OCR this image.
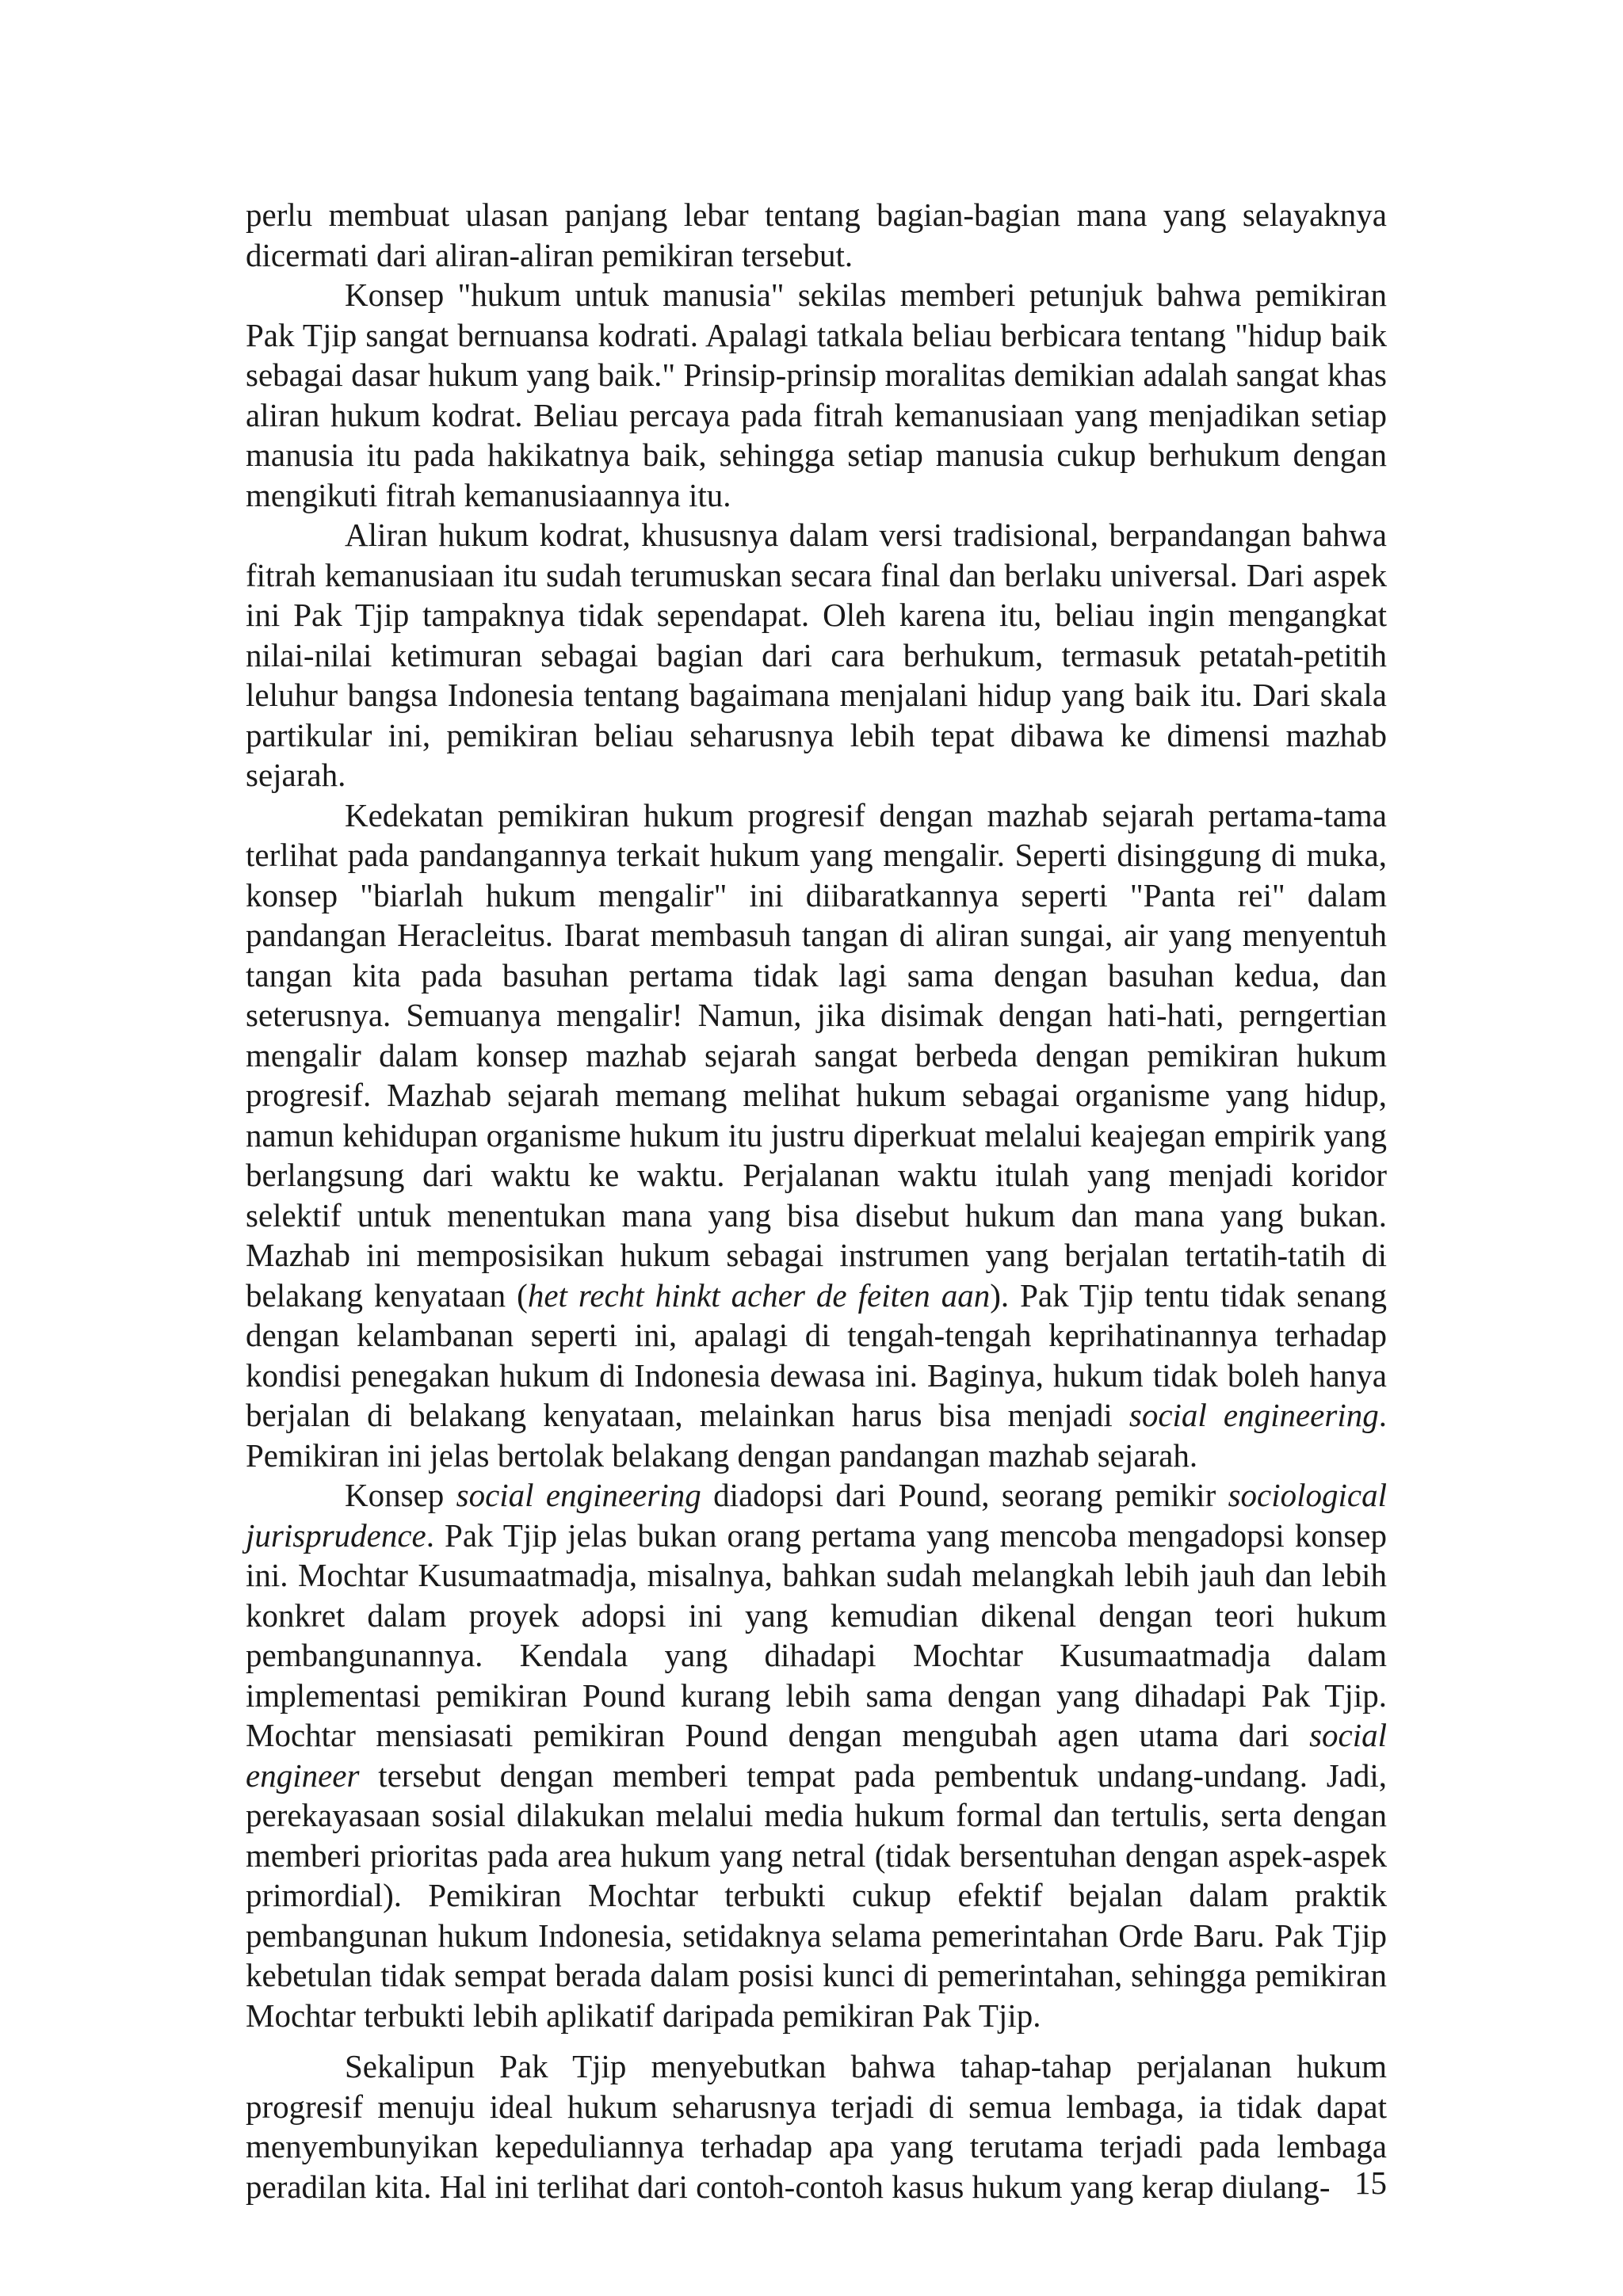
perlu membuat ulasan panjang lebar tentang bagian-bagian mana yang selayaknya dicermati dari aliran-aliran pemikiran tersebut.

Konsep "hukum untuk manusia" sekilas memberi petunjuk bahwa pemikiran Pak Tjip sangat bernuansa kodrati. Apalagi tatkala beliau berbicara tentang "hidup baik sebagai dasar hukum yang baik." Prinsip-prinsip moralitas demikian adalah sangat khas aliran hukum kodrat. Beliau percaya pada fitrah kemanusiaan yang menjadikan setiap manusia itu pada hakikatnya baik, sehingga setiap manusia cukup berhukum dengan mengikuti fitrah kemanusiaannya itu.

Aliran hukum kodrat, khususnya dalam versi tradisional, berpandangan bahwa fitrah kemanusiaan itu sudah terumuskan secara final dan berlaku universal. Dari aspek ini Pak Tjip tampaknya tidak sependapat. Oleh karena itu, beliau ingin mengangkat nilai-nilai ketimuran sebagai bagian dari cara berhukum, termasuk petatah-petitih leluhur bangsa Indonesia tentang bagaimana menjalani hidup yang baik itu. Dari skala partikular ini, pemikiran beliau seharusnya lebih tepat dibawa ke dimensi mazhab sejarah.

Kedekatan pemikiran hukum progresif dengan mazhab sejarah pertama-tama terlihat pada pandangannya terkait hukum yang mengalir. Seperti disinggung di muka, konsep "biarlah hukum mengalir" ini diibaratkannya seperti "Panta rei" dalam pandangan Heracleitus. Ibarat membasuh tangan di aliran sungai, air yang menyentuh tangan kita pada basuhan pertama tidak lagi sama dengan basuhan kedua, dan seterusnya. Semuanya mengalir! Namun, jika disimak dengan hati-hati, perngertian mengalir dalam konsep mazhab sejarah sangat berbeda dengan pemikiran hukum progresif. Mazhab sejarah memang melihat hukum sebagai organisme yang hidup, namun kehidupan organisme hukum itu justru diperkuat melalui keajegan empirik yang berlangsung dari waktu ke waktu. Perjalanan waktu itulah yang menjadi koridor selektif untuk menentukan mana yang bisa disebut hukum dan mana yang bukan. Mazhab ini memposisikan hukum sebagai instrumen yang berjalan tertatih-tatih di belakang kenyataan (het recht hinkt acher de feiten aan). Pak Tjip tentu tidak senang dengan kelambanan seperti ini, apalagi di tengah-tengah keprihatinannya terhadap kondisi penegakan hukum di Indonesia dewasa ini. Baginya, hukum tidak boleh hanya berjalan di belakang kenyataan, melainkan harus bisa menjadi social engineering. Pemikiran ini jelas bertolak belakang dengan pandangan mazhab sejarah.

Konsep social engineering diadopsi dari Pound, seorang pemikir sociological jurisprudence. Pak Tjip jelas bukan orang pertama yang mencoba mengadopsi konsep ini. Mochtar Kusumaatmadja, misalnya, bahkan sudah melangkah lebih jauh dan lebih konkret dalam proyek adopsi ini yang kemudian dikenal dengan teori hukum pembangunannya. Kendala yang dihadapi Mochtar Kusumaatmadja dalam implementasi pemikiran Pound kurang lebih sama dengan yang dihadapi Pak Tjip. Mochtar mensiasati pemikiran Pound dengan mengubah agen utama dari social engineer tersebut dengan memberi tempat pada pembentuk undang-undang. Jadi, perekayasaan sosial dilakukan melalui media hukum formal dan tertulis, serta dengan memberi prioritas pada area hukum yang netral (tidak bersentuhan dengan aspek-aspek primordial). Pemikiran Mochtar terbukti cukup efektif bejalan dalam praktik pembangunan hukum Indonesia, setidaknya selama pemerintahan Orde Baru. Pak Tjip kebetulan tidak sempat berada dalam posisi kunci di pemerintahan, sehingga pemikiran Mochtar terbukti lebih aplikatif daripada pemikiran Pak Tjip.

Sekalipun Pak Tjip menyebutkan bahwa tahap-tahap perjalanan hukum progresif menuju ideal hukum seharusnya terjadi di semua lembaga, ia tidak dapat menyembunyikan kepeduliannya terhadap apa yang terutama terjadi pada lembaga peradilan kita. Hal ini terlihat dari contoh-contoh kasus hukum yang kerap diulang- 15
